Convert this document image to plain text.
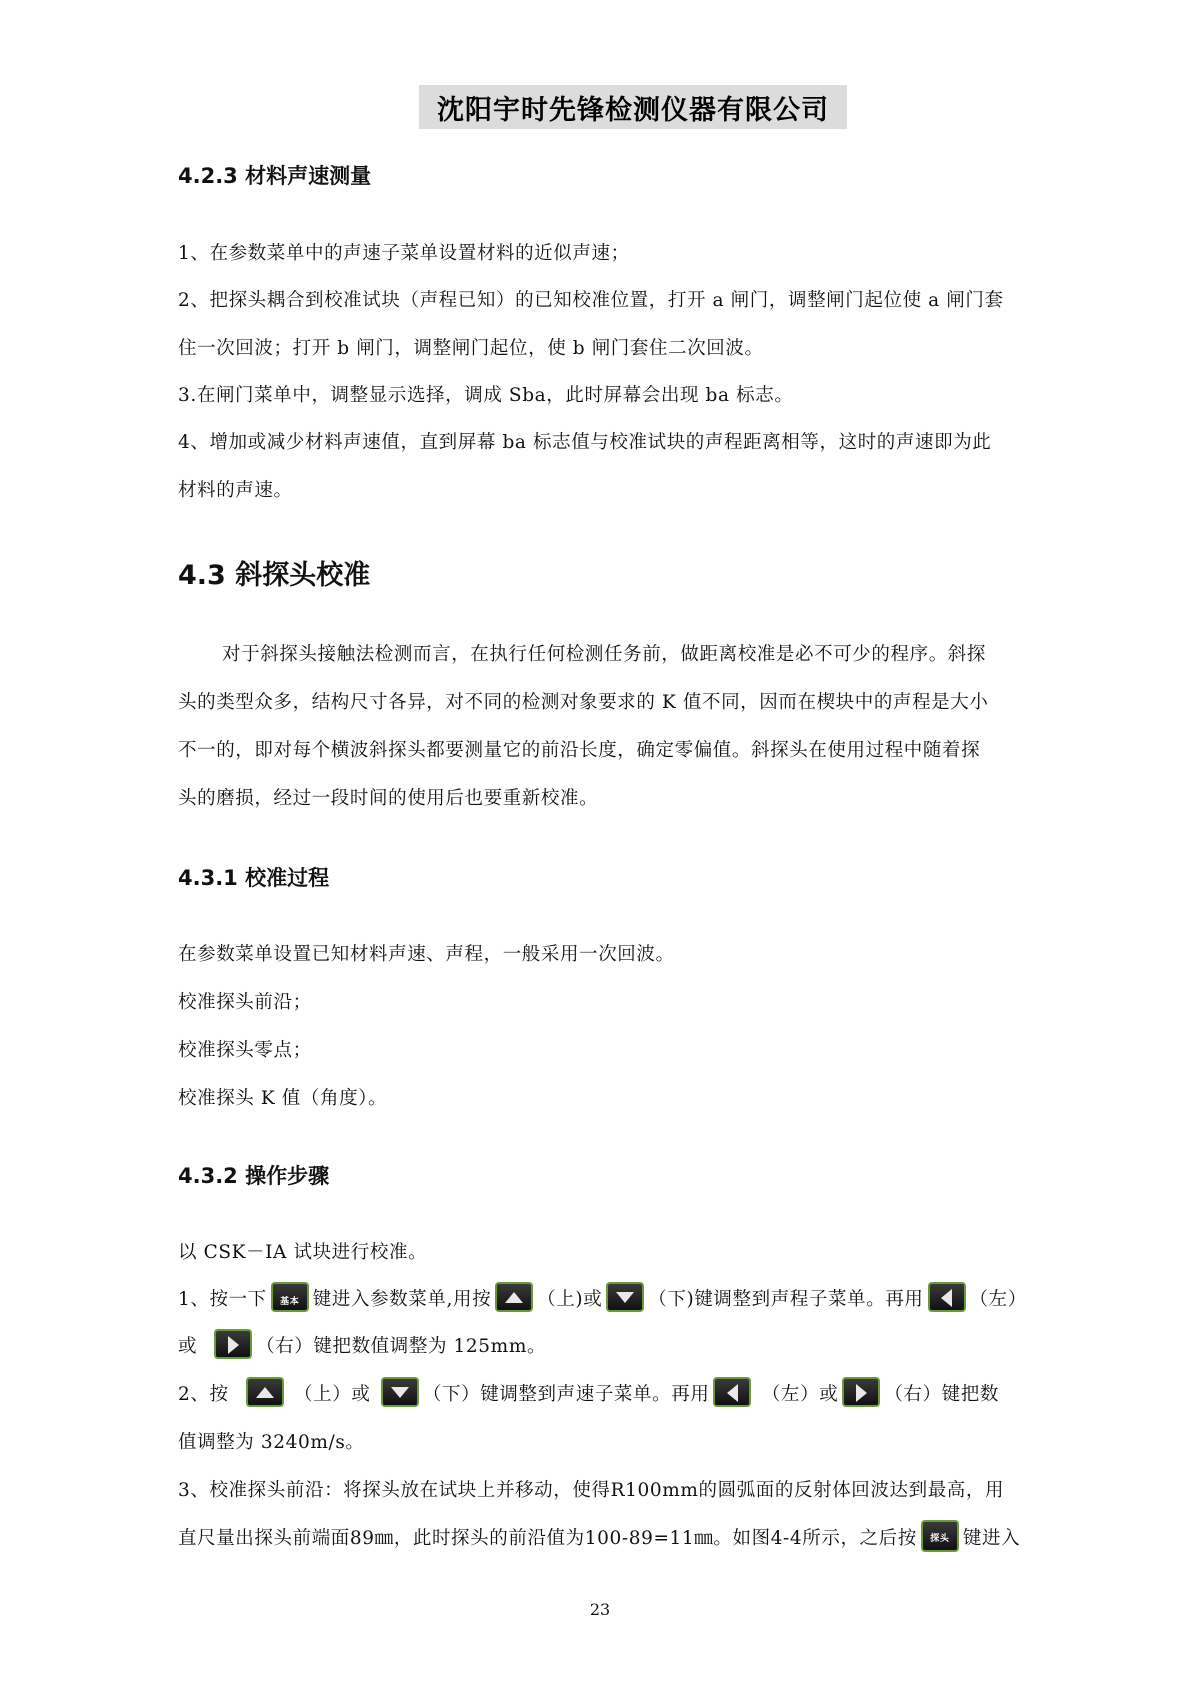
沈阳宇时先锋检测仪器有限公司
4.2.3 材料声速测量
1、在参数菜单中的声速子菜单设置材料的近似声速；
2、把探头耦合到校准试块（声程已知）的已知校准位置，打开 a 闸门，调整闸门起位使 a 闸门套
住一次回波；打开 b 闸门，调整闸门起位，使 b 闸门套住二次回波。
3.在闸门菜单中，调整显示选择，调成 Sba，此时屏幕会出现 ba 标志。
4、增加或减少材料声速值，直到屏幕 ba 标志值与校准试块的声程距离相等，这时的声速即为此
材料的声速。
4.3 斜探头校准
对于斜探头接触法检测而言，在执行任何检测任务前，做距离校准是必不可少的程序。斜探
头的类型众多，结构尺寸各异，对不同的检测对象要求的 K 值不同，因而在楔块中的声程是大小
不一的，即对每个横波斜探头都要测量它的前沿长度，确定零偏值。斜探头在使用过程中随着探
头的磨损，经过一段时间的使用后也要重新校准。
4.3.1 校准过程
在参数菜单设置已知材料声速、声程，一般采用一次回波。
校准探头前沿；
校准探头零点；
校准探头 K 值（角度）。
4.3.2 操作步骤
以 CSK－IA 试块进行校准。
1、按一下 基本 键进入参数菜单,用按 （上)或 （下)键调整到声程子菜单。再用 （左）
或	（右）键把数值调整为 125mm。
2、按	（上）或	（下）键调整到声速子菜单。再用	（左）或 （右）键把数
值调整为 3240m/s。
3、校准探头前沿：将探头放在试块上并移动，使得R100mm的圆弧面的反射体回波达到最高，用
直尺量出探头前端面89㎜，此时探头的前沿值为100-89=11㎜。如图4-4所示，之后按 探头 键进入
23
